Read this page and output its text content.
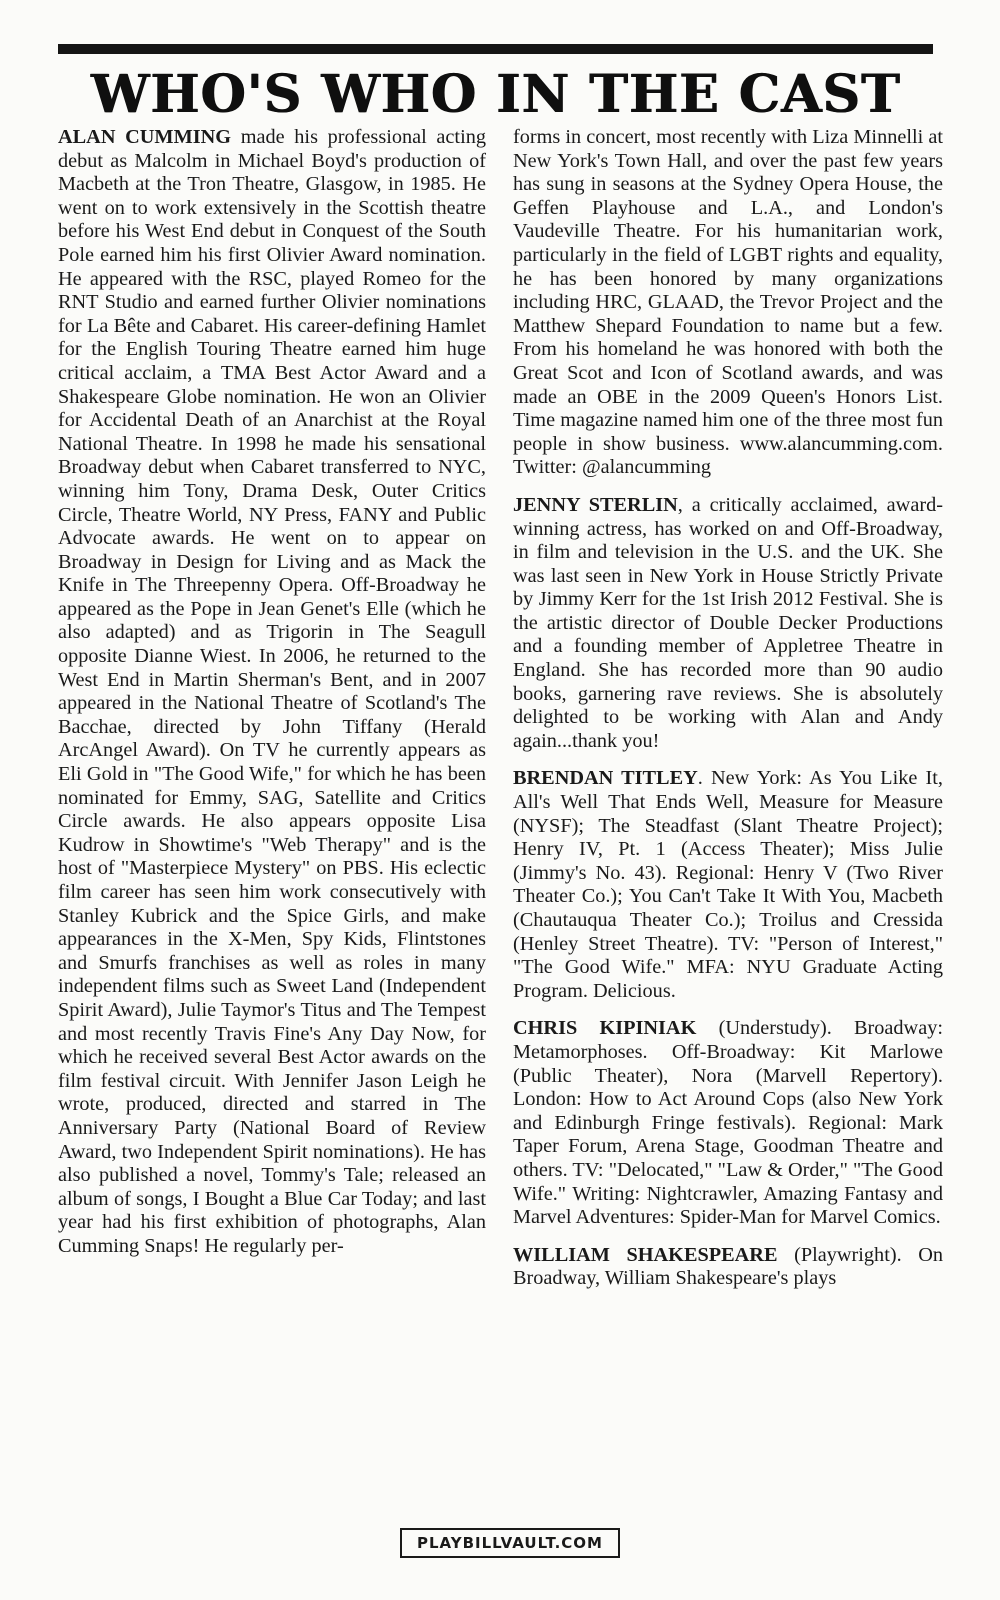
WHO'S WHO IN THE CAST

ALAN CUMMING made his professional acting debut as Malcolm in Michael Boyd's production of Macbeth at the Tron Theatre, Glasgow, in 1985. He went on to work extensively in the Scottish theatre before his West End debut in Conquest of the South Pole earned him his first Olivier Award nomination. He appeared with the RSC, played Romeo for the RNT Studio and earned further Olivier nominations for La Bête and Cabaret. His career-defining Hamlet for the English Touring Theatre earned him huge critical acclaim, a TMA Best Actor Award and a Shakespeare Globe nomination. He won an Olivier for Accidental Death of an Anarchist at the Royal National Theatre. In 1998 he made his sensational Broadway debut when Cabaret transferred to NYC, winning him Tony, Drama Desk, Outer Critics Circle, Theatre World, NY Press, FANY and Public Advocate awards. He went on to appear on Broadway in Design for Living and as Mack the Knife in The Threepenny Opera. Off-Broadway he appeared as the Pope in Jean Genet's Elle (which he also adapted) and as Trigorin in The Seagull opposite Dianne Wiest. In 2006, he returned to the West End in Martin Sherman's Bent, and in 2007 appeared in the National Theatre of Scotland's The Bacchae, directed by John Tiffany (Herald ArcAngel Award). On TV he currently appears as Eli Gold in "The Good Wife," for which he has been nominated for Emmy, SAG, Satellite and Critics Circle awards. He also appears opposite Lisa Kudrow in Showtime's "Web Therapy" and is the host of "Masterpiece Mystery" on PBS. His eclectic film career has seen him work consecutively with Stanley Kubrick and the Spice Girls, and make appearances in the X-Men, Spy Kids, Flintstones and Smurfs franchises as well as roles in many independent films such as Sweet Land (Independent Spirit Award), Julie Taymor's Titus and The Tempest and most recently Travis Fine's Any Day Now, for which he received several Best Actor awards on the film festival circuit. With Jennifer Jason Leigh he wrote, produced, directed and starred in The Anniversary Party (National Board of Review Award, two Independent Spirit nominations). He has also published a novel, Tommy's Tale; released an album of songs, I Bought a Blue Car Today; and last year had his first exhibition of photographs, Alan Cumming Snaps! He regularly per-

forms in concert, most recently with Liza Minnelli at New York's Town Hall, and over the past few years has sung in seasons at the Sydney Opera House, the Geffen Playhouse and L.A., and London's Vaudeville Theatre. For his humanitarian work, particularly in the field of LGBT rights and equality, he has been honored by many organizations including HRC, GLAAD, the Trevor Project and the Matthew Shepard Foundation to name but a few. From his homeland he was honored with both the Great Scot and Icon of Scotland awards, and was made an OBE in the 2009 Queen's Honors List. Time magazine named him one of the three most fun people in show business. www.alancumming.com. Twitter: @alancumming

JENNY STERLIN, a critically acclaimed, award-winning actress, has worked on and Off-Broadway, in film and television in the U.S. and the UK. She was last seen in New York in House Strictly Private by Jimmy Kerr for the 1st Irish 2012 Festival. She is the artistic director of Double Decker Productions and a founding member of Appletree Theatre in England. She has recorded more than 90 audio books, garnering rave reviews. She is absolutely delighted to be working with Alan and Andy again...thank you!

BRENDAN TITLEY. New York: As You Like It, All's Well That Ends Well, Measure for Measure (NYSF); The Steadfast (Slant Theatre Project); Henry IV, Pt. 1 (Access Theater); Miss Julie (Jimmy's No. 43). Regional: Henry V (Two River Theater Co.); You Can't Take It With You, Macbeth (Chautauqua Theater Co.); Troilus and Cressida (Henley Street Theatre). TV: "Person of Interest," "The Good Wife." MFA: NYU Graduate Acting Program. Delicious.

CHRIS KIPINIAK (Understudy). Broadway: Metamorphoses. Off-Broadway: Kit Marlowe (Public Theater), Nora (Marvell Repertory). London: How to Act Around Cops (also New York and Edinburgh Fringe festivals). Regional: Mark Taper Forum, Arena Stage, Goodman Theatre and others. TV: "Delocated," "Law & Order," "The Good Wife." Writing: Nightcrawler, Amazing Fantasy and Marvel Adventures: Spider-Man for Marvel Comics.

WILLIAM SHAKESPEARE (Playwright). On Broadway, William Shakespeare's plays

PLAYBILLVAULT.COM
